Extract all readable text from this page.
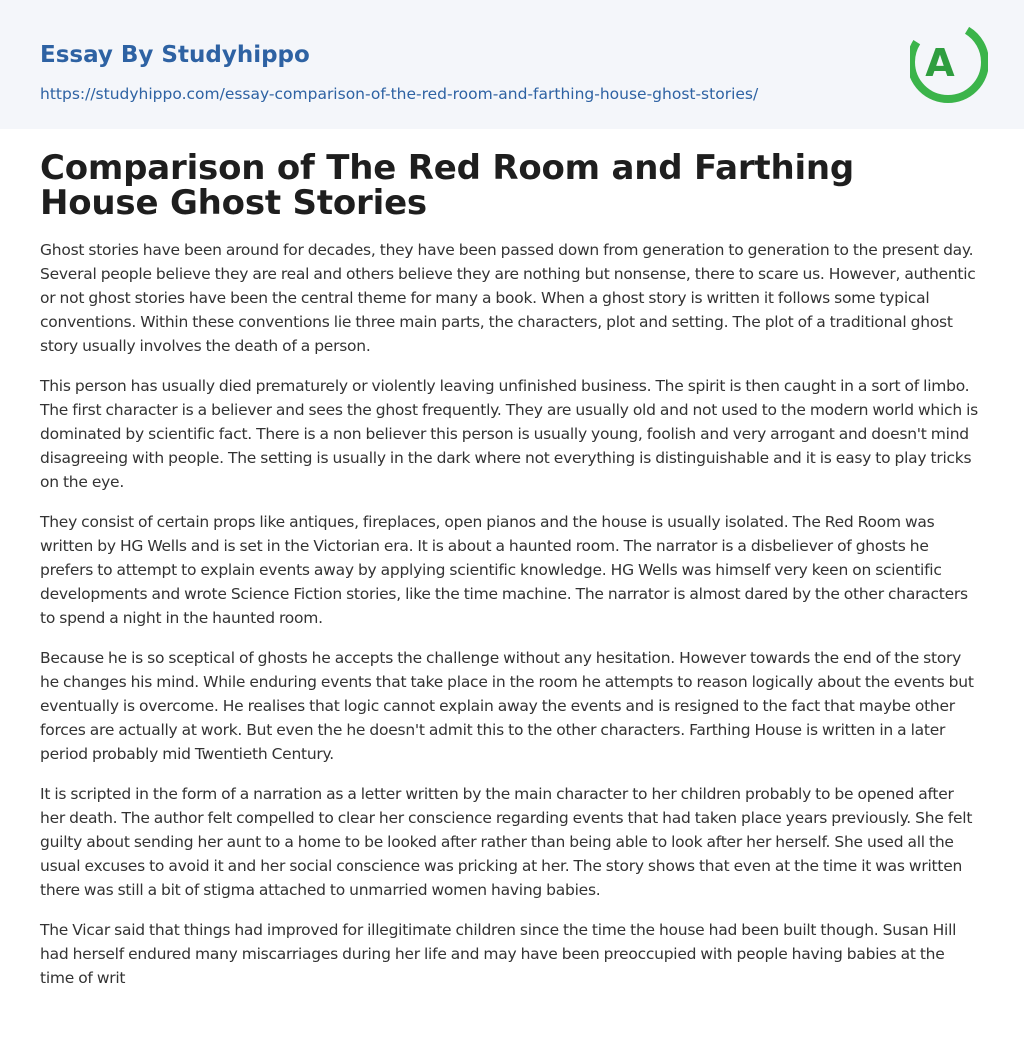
Essay By Studyhippo
https://studyhippo.com/essay-comparison-of-the-red-room-and-farthing-house-ghost-stories/
A
Comparison of The Red Room and Farthing House Ghost Stories

Ghost stories have been around for decades, they have been passed down from generation to generation to the present day. Several people believe they are real and others believe they are nothing but nonsense, there to scare us. However, authentic or not ghost stories have been the central theme for many a book. When a ghost story is written it follows some typical conventions. Within these conventions lie three main parts, the characters, plot and setting. The plot of a traditional ghost story usually involves the death of a person.

This person has usually died prematurely or violently leaving unfinished business. The spirit is then caught in a sort of limbo. The first character is a believer and sees the ghost frequently. They are usually old and not used to the modern world which is dominated by scientific fact. There is a non believer this person is usually young, foolish and very arrogant and doesn't mind disagreeing with people. The setting is usually in the dark where not everything is distinguishable and it is easy to play tricks on the eye.

They consist of certain props like antiques, fireplaces, open pianos and the house is usually isolated. The Red Room was written by HG Wells and is set in the Victorian era. It is about a haunted room. The narrator is a disbeliever of ghosts he prefers to attempt to explain events away by applying scientific knowledge. HG Wells was himself very keen on scientific developments and wrote Science Fiction stories, like the time machine. The narrator is almost dared by the other characters to spend a night in the haunted room.

Because he is so sceptical of ghosts he accepts the challenge without any hesitation. However towards the end of the story he changes his mind. While enduring events that take place in the room he attempts to reason logically about the events but eventually is overcome. He realises that logic cannot explain away the events and is resigned to the fact that maybe other forces are actually at work. But even the he doesn't admit this to the other characters. Farthing House is written in a later period probably mid Twentieth Century.

It is scripted in the form of a narration as a letter written by the main character to her children probably to be opened after her death. The author felt compelled to clear her conscience regarding events that had taken place years previously. She felt guilty about sending her aunt to a home to be looked after rather than being able to look after her herself. She used all the usual excuses to avoid it and her social conscience was pricking at her. The story shows that even at the time it was written there was still a bit of stigma attached to unmarried women having babies.

The Vicar said that things had improved for illegitimate children since the time the house had been built though. Susan Hill had herself endured many miscarriages during her life and may have been preoccupied with people having babies at the time of writ
